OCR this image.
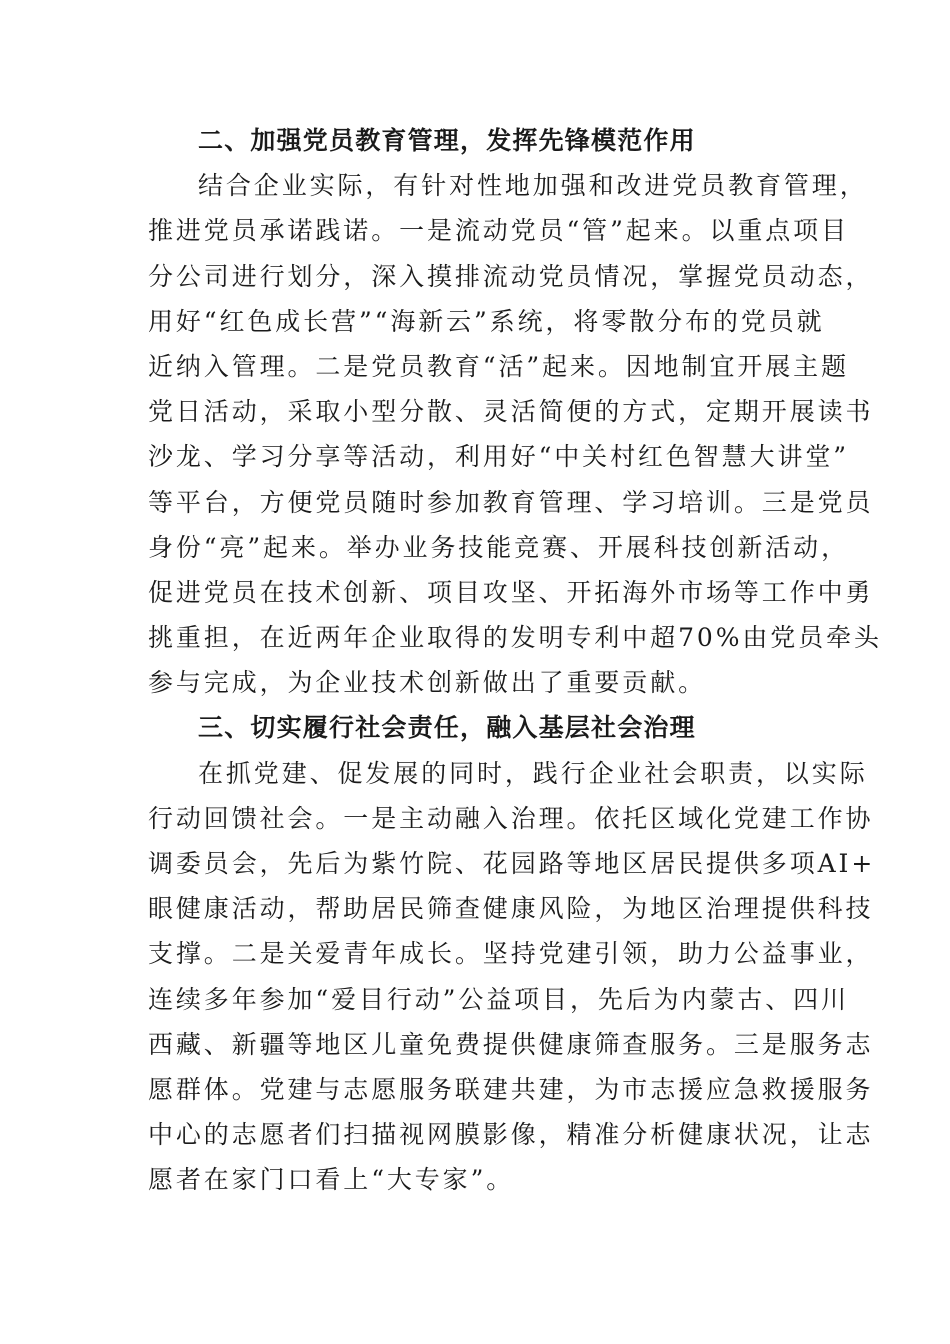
二、加强党员教育管理，发挥先锋模范作用
结合企业实际，有针对性地加强和改进党员教育管理，
推进党员承诺践诺。一是流动党员“管”起来。以重点项目
分公司进行划分，深入摸排流动党员情况，掌握党员动态，
用好“红色成长营”“海新云”系统，将零散分布的党员就
近纳入管理。二是党员教育“活”起来。因地制宜开展主题
党日活动，采取小型分散、灵活简便的方式，定期开展读书
沙龙、学习分享等活动，利用好“中关村红色智慧大讲堂”
等平台，方便党员随时参加教育管理、学习培训。三是党员
身份“亮”起来。举办业务技能竞赛、开展科技创新活动，
促进党员在技术创新、项目攻坚、开拓海外市场等工作中勇
挑重担，在近两年企业取得的发明专利中超70%由党员牵头
参与完成，为企业技术创新做出了重要贡献。
三、切实履行社会责任，融入基层社会治理
在抓党建、促发展的同时，践行企业社会职责，以实际
行动回馈社会。一是主动融入治理。依托区域化党建工作协
调委员会，先后为紫竹院、花园路等地区居民提供多项AI+
眼健康活动，帮助居民筛查健康风险，为地区治理提供科技
支撑。二是关爱青年成长。坚持党建引领，助力公益事业，
连续多年参加“爱目行动”公益项目，先后为内蒙古、四川
西藏、新疆等地区儿童免费提供健康筛查服务。三是服务志
愿群体。党建与志愿服务联建共建，为市志援应急救援服务
中心的志愿者们扫描视网膜影像，精准分析健康状况，让志
愿者在家门口看上“大专家”。
